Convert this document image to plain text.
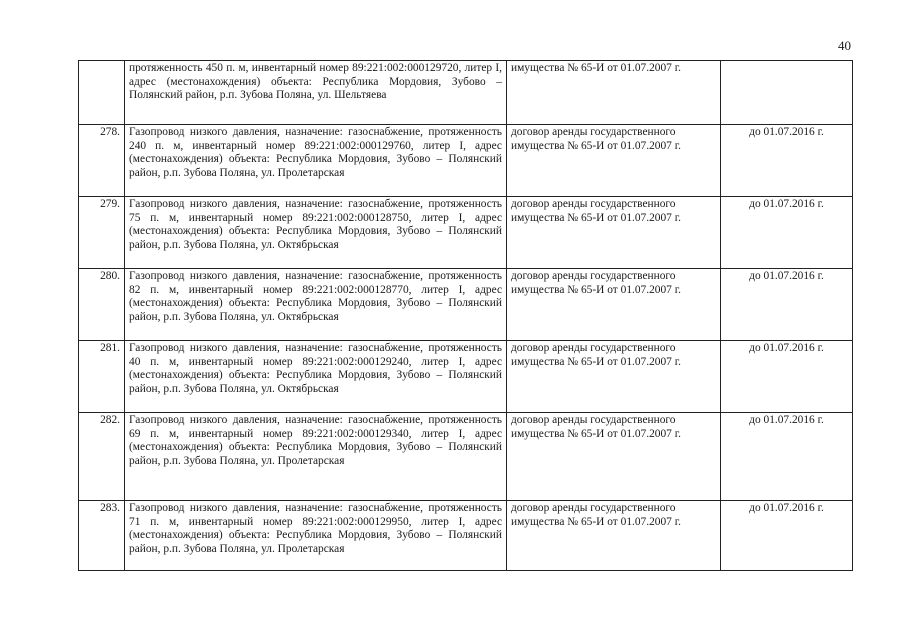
40
	протяженность 450 п. м, инвентарный номер 89:221:002:000129720, литер I, адрес (местонахождения) объекта: Республика Мордовия, Зубово – Полянский район, р.п. Зубова Поляна, ул. Шельтяева	имущества № 65-И от 01.07.2007 г.	
278.	Газопровод низкого давления, назначение: газоснабжение, протяженность 240 п. м, инвентарный номер 89:221:002:000129760, литер I, адрес (местонахождения) объекта: Республика Мордовия, Зубово – Полянский район, р.п. Зубова Поляна, ул. Пролетарская	договор аренды государственного имущества № 65-И от 01.07.2007 г.	до 01.07.2016 г.
279.	Газопровод низкого давления, назначение: газоснабжение, протяженность 75 п. м, инвентарный номер 89:221:002:000128750, литер I, адрес (местонахождения) объекта: Республика Мордовия, Зубово – Полянский район, р.п. Зубова Поляна, ул. Октябрьская	договор аренды государственного имущества № 65-И от 01.07.2007 г.	до 01.07.2016 г.
280.	Газопровод низкого давления, назначение: газоснабжение, протяженность 82 п. м, инвентарный номер 89:221:002:000128770, литер I, адрес (местонахождения) объекта: Республика Мордовия, Зубово – Полянский район, р.п. Зубова Поляна, ул. Октябрьская	договор аренды государственного имущества № 65-И от 01.07.2007 г.	до 01.07.2016 г.
281.	Газопровод низкого давления, назначение: газоснабжение, протяженность 40 п. м, инвентарный номер 89:221:002:000129240, литер I, адрес (местонахождения) объекта: Республика Мордовия, Зубово – Полянский район, р.п. Зубова Поляна, ул. Октябрьская	договор аренды государственного имущества № 65-И от 01.07.2007 г.	до 01.07.2016 г.
282.	Газопровод низкого давления, назначение: газоснабжение, протяженность 69 п. м, инвентарный номер 89:221:002:000129340, литер I, адрес (местонахождения) объекта: Республика Мордовия, Зубово – Полянский район, р.п. Зубова Поляна, ул. Пролетарская	договор аренды государственного имущества № 65-И от 01.07.2007 г.	до 01.07.2016 г.
283.	Газопровод низкого давления, назначение: газоснабжение, протяженность 71 п. м, инвентарный номер 89:221:002:000129950, литер I, адрес (местонахождения) объекта: Республика Мордовия, Зубово – Полянский район, р.п. Зубова Поляна, ул. Пролетарская	договор аренды государственного имущества № 65-И от 01.07.2007 г.	до 01.07.2016 г.
